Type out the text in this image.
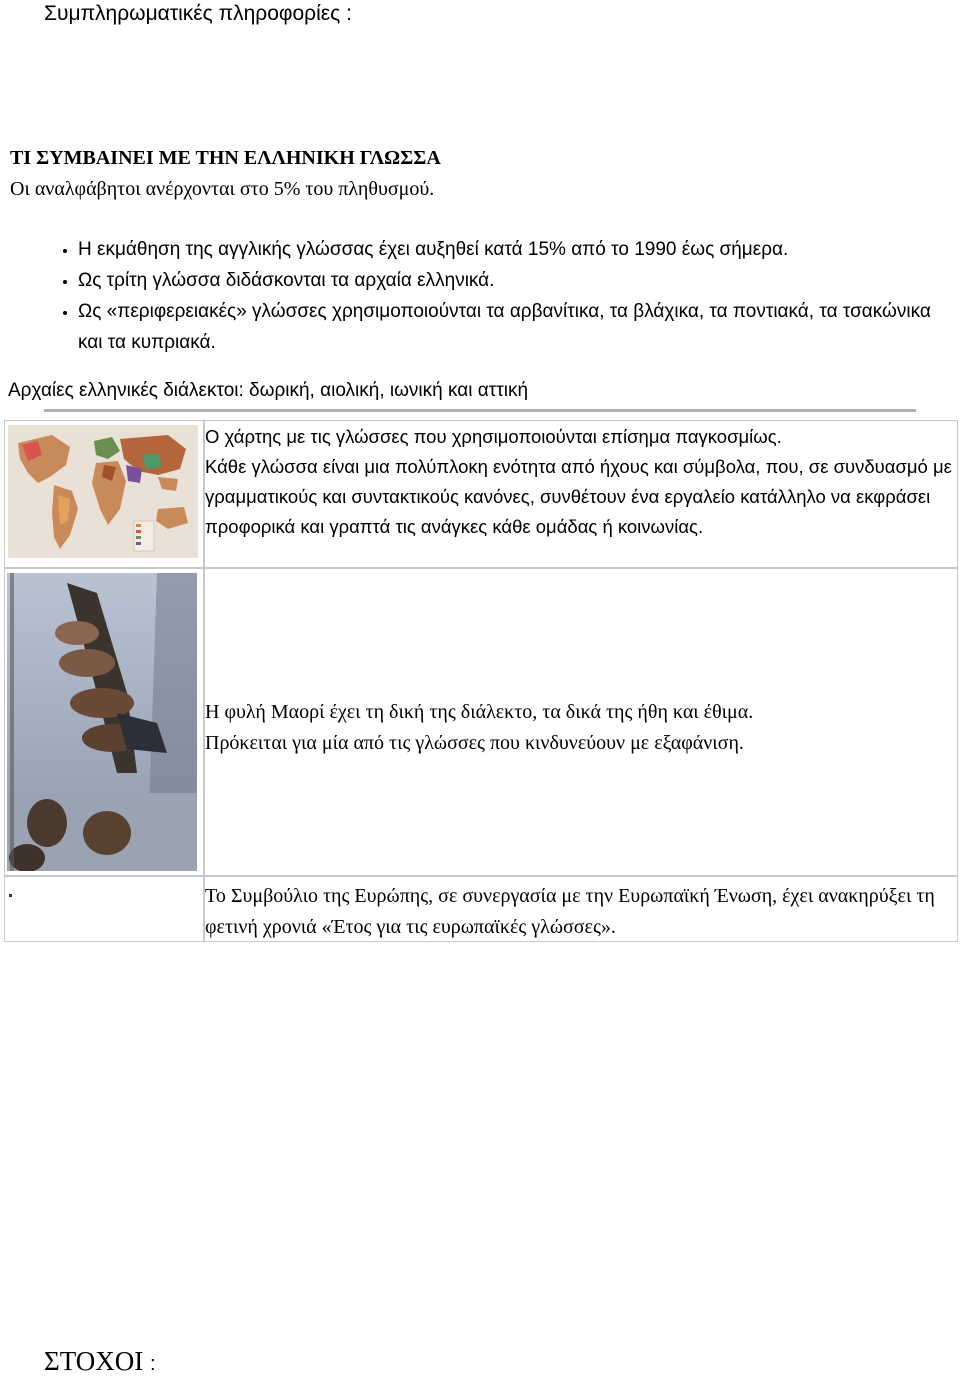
Συμπληρωματικές πληροφορίες :
ΤΙ ΣΥΜΒΑΙΝΕΙ ΜΕ ΤΗΝ ΕΛΛΗΝΙΚΗ ΓΛΩΣΣΑ
Οι αναλφάβητοι ανέρχονται στο 5% του πληθυσμού.
• Η εκμάθηση της αγγλικής γλώσσας έχει αυξηθεί κατά 15% από το 1990 έως σήμερα.
• Ως τρίτη γλώσσα διδάσκονται τα αρχαία ελληνικά.
• Ως «περιφερειακές» γλώσσες χρησιμοποιούνται τα αρβανίτικα, τα βλάχικα, τα ποντιακά, τα τσακώνικα και τα κυπριακά.
Αρχαίες ελληνικές διάλεκτοι: δωρική, αιολική, ιωνική και αττική

Ο χάρτης με τις γλώσσες που χρησιμοποιούνται επίσημα παγκοσμίως.

Κάθε γλώσσα είναι μια πολύπλοκη ενότητα από ήχους και σύμβολα, που, σε συνδυασμό με γραμματικούς και συντακτικούς κανόνες, συνθέτουν ένα εργαλείο κατάλληλο να εκφράσει προφορικά και γραπτά τις ανάγκες κάθε ομάδας ή κοινωνίας.

Η φυλή Μαορί έχει τη δική της διάλεκτο, τα δικά της ήθη και έθιμα.

Πρόκειται για μία από τις γλώσσες που κινδυνεύουν με εξαφάνιση.

Το Συμβούλιο της Ευρώπης, σε συνεργασία με την Ευρωπαϊκή Ένωση, έχει ανακηρύξει τη φετινή χρονιά «Έτος για τις ευρωπαϊκές γλώσσες».

ΣΤΟΧΟΙ :
